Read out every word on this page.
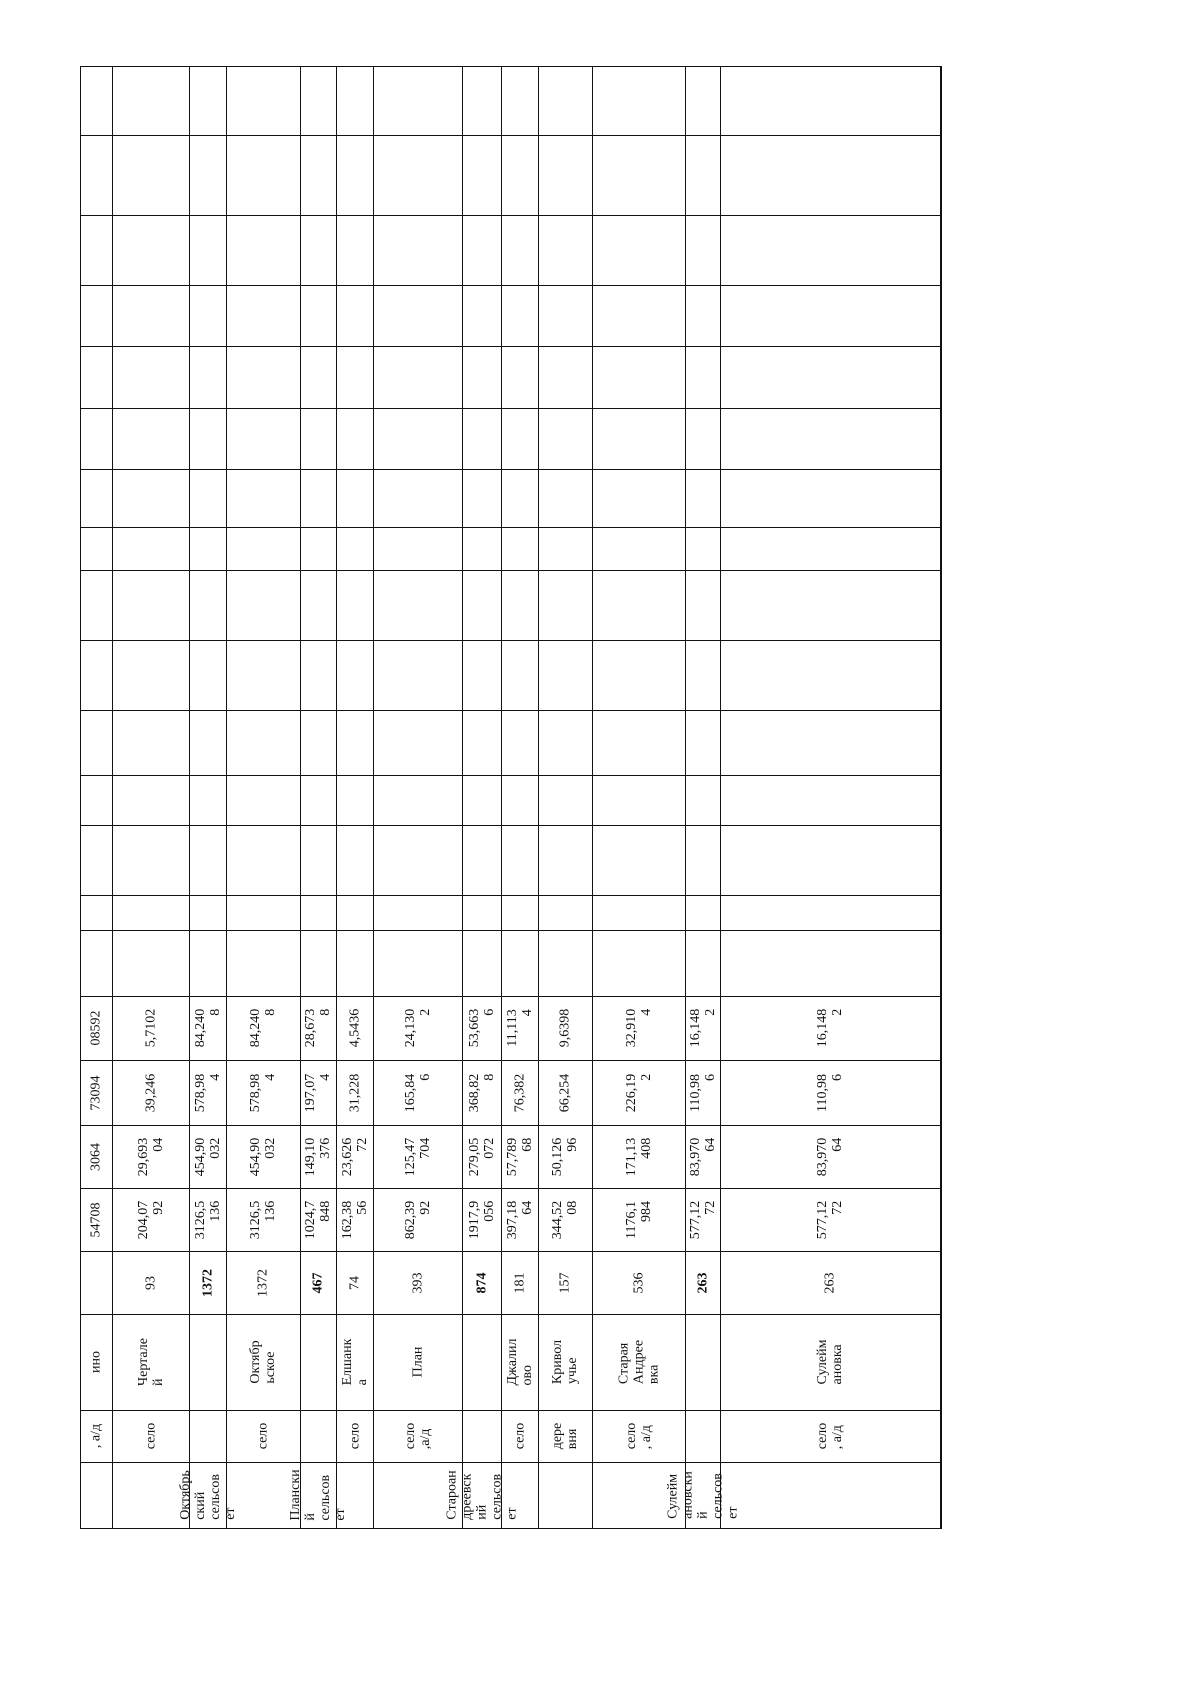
, а/д
ино
54708
3064
73094
08592
село
Чертале
й
93
204,07
92
29,693
04
39,246
5,7102
Октябрь
ский
сельсов
ет
1372
3126,5
136
454,90
032
578,98
4
84,240
8
село
Октябр
ьское
1372
3126,5
136
454,90
032
578,98
4
84,240
8
Плански
й
сельсов
ет
467
1024,7
848
149,10
376
197,07
4
28,673
8
село
Елшанк
а
74
162,38
56
23,626
72
31,228
4,5436
село
,а/д
План
393
862,39
92
125,47
704
165,84
6
24,130
2
Староан
дреевск
ий
сельсов
ет
874
1917,9
056
279,05
072
368,82
8
53,663
6
село
Джалил
ово
181
397,18
64
57,789
68
76,382
11,113
4
дере
вня
Кривол
учье
157
344,52
08
50,126
96
66,254
9,6398
село
, а/д
Старая
Андрее
вка
536
1176,1
984
171,13
408
226,19
2
32,910
4
Сулейм
ановски
й
сельсов
ет
263
577,12
72
83,970
64
110,98
6
16,148
2
село
, а/д
Сулейм
ановка
263
577,12
72
83,970
64
110,98
6
16,148
2

ский

27852

южнее
